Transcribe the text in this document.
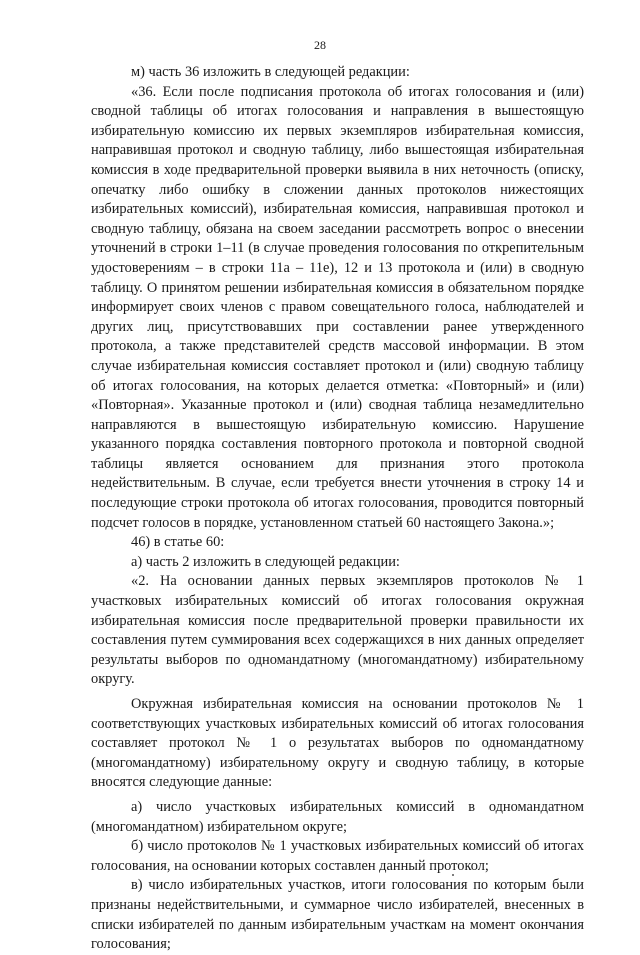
28

м) часть 36 изложить в следующей редакции:

«36. Если после подписания протокола об итогах голосования и (или) сводной таблицы об итогах голосования и направления в вышестоящую избирательную комиссию их первых экземпляров избирательная комиссия, направившая протокол и сводную таблицу, либо вышестоящая избирательная комиссия в ходе предварительной проверки выявила в них неточность (описку, опечатку либо ошибку в сложении данных протоколов нижестоящих избирательных комиссий), избирательная комиссия, направившая протокол и сводную таблицу, обязана на своем заседании рассмотреть вопрос о внесении уточнений в строки 1–11 (в случае проведения голосования по открепительным удостоверениям – в строки 11а – 11е), 12 и 13 протокола и (или) в сводную таблицу. О принятом решении избирательная комиссия в обязательном порядке информирует своих членов с правом совещательного голоса, наблюдателей и других лиц, присутствовавших при составлении ранее утвержденного протокола, а также представителей средств массовой информации. В этом случае избирательная комиссия составляет протокол и (или) сводную таблицу об итогах голосования, на которых делается отметка: «Повторный» и (или) «Повторная». Указанные протокол и (или) сводная таблица незамедлительно направляются в вышестоящую избирательную комиссию. Нарушение указанного порядка составления повторного протокола и повторной сводной таблицы является основанием для признания этого протокола недействительным. В случае, если требуется внести уточнения в строку 14 и последующие строки протокола об итогах голосования, проводится повторный подсчет голосов в порядке, установленном статьей 60 настоящего Закона.»;

46) в статье 60:

а) часть 2 изложить в следующей редакции:

«2. На основании данных первых экземпляров протоколов № 1 участковых избирательных комиссий об итогах голосования окружная избирательная комиссия после предварительной проверки правильности их составления путем суммирования всех содержащихся в них данных определяет результаты выборов по одномандатному (многомандатному) избирательному округу.

Окружная избирательная комиссия на основании протоколов № 1 соответствующих участковых избирательных комиссий об итогах голосования составляет протокол № 1 о результатах выборов по одномандатному (многомандатному) избирательному округу и сводную таблицу, в которые вносятся следующие данные:

а) число участковых избирательных комиссий в одномандатном (многомандатном) избирательном округе;

б) число протоколов № 1 участковых избирательных комиссий об итогах голосования, на основании которых составлен данный протокол;

в) число избирательных участков, итоги голосования по которым были признаны недействительными, и суммарное число избирателей, внесенных в списки избирателей по данным избирательным участкам на момент окончания голосования;
